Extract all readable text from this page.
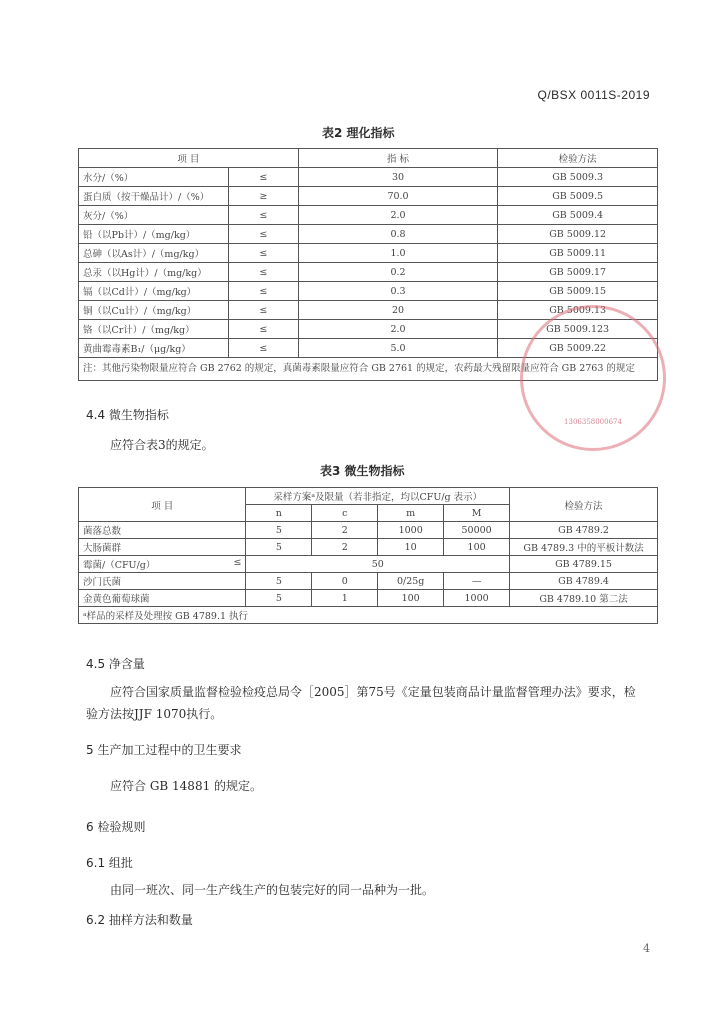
Q/BSX 0011S-2019
表2 理化指标
项 目		指 标	检验方法
水分/（%）	≤	30	GB 5009.3
蛋白质（按干燥品计）/（%）	≥	70.0	GB 5009.5
灰分/（%）	≤	2.0	GB 5009.4
铅（以Pb计）/（mg/kg）	≤	0.8	GB 5009.12
总砷（以As计）/（mg/kg）	≤	1.0	GB 5009.11
总汞（以Hg计）/（mg/kg）	≤	0.2	GB 5009.17
镉（以Cd计）/（mg/kg）	≤	0.3	GB 5009.15
铜（以Cu计）/（mg/kg）	≤	20	GB 5009.13
铬（以Cr计）/（mg/kg）	≤	2.0	GB 5009.123
黄曲霉毒素B₁/（μg/kg）	≤	5.0	GB 5009.22
注：其他污染物限量应符合 GB 2762 的规定，真菌毒素限量应符合 GB 2761 的规定，农药最大残留限量应符合 GB 2763 的规定			
4.4 微生物指标
应符合表3的规定。
表3 微生物指标
项 目	采样方案ᵃ及限量（若非指定，均以CFU/g 表示）				检验方法
	n	c	m	M	
菌落总数	5	2	1000	50000	GB 4789.2
大肠菌群	5	2	10	100	GB 4789.3 中的平板计数法
霉菌/（CFU/g） ≤	50				GB 4789.15
沙门氏菌	5	0	0/25g	—	GB 4789.4
金黄色葡萄球菌	5	1	100	1000	GB 4789.10 第二法
ᵃ样品的采样及处理按 GB 4789.1 执行					
4.5 净含量
应符合国家质量监督检验检疫总局令［2005］第75号《定量包装商品计量监督管理办法》要求，检
验方法按JJF 1070执行。
5 生产加工过程中的卫生要求
应符合 GB 14881 的规定。
6 检验规则
6.1 组批
由同一班次、同一生产线生产的包装完好的同一品种为一批。
6.2 抽样方法和数量
1306358000674
4
